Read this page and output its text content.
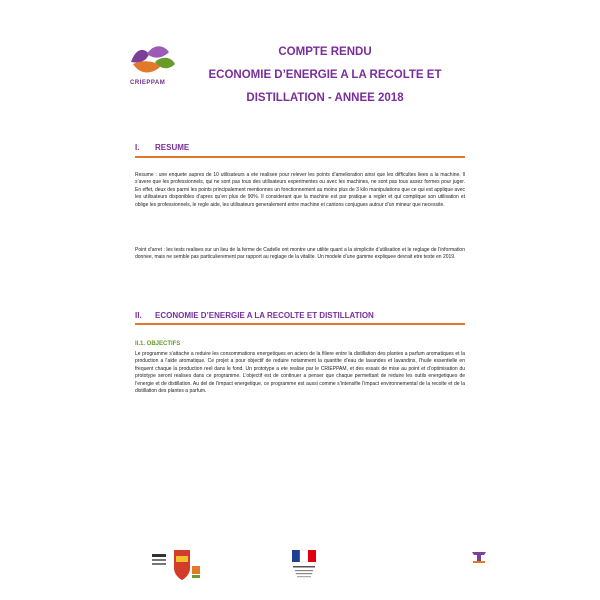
CRIEPPAM
COMPTE RENDU
ECONOMIE D’ENERGIE A LA RECOLTE ET
DISTILLATION - ANNEE 2018
I. RESUME
Resume : une enquete aupres de 10 utilisateurs a ete realisee pour relever les points d’amelioration ainsi que les difficultes liees a la machine. Il s’avere que les professionnels, qui ne sont pas tous des utilisateurs experimentes ou avec les machines, ne sont pas tous assez formes pour juger. En effet, deux des parmi les points principalement mentionnes un fonctionnement au moins plus de 3 kilo manipulations que ce qui est applique avec les utilisateurs disponibles d’apres qu’en plus de 90%. Il considerant que la machine est par pratique a regler et qui complique son utilisation et oblige les professionnels, le regle aide, les utilisateurs generalement entre machine et cantons conjugues autour d’un mineur que necessite.
Point d’arret : les tests realises sur un lieu de la ferme de Cadelle ont montre une utilite quant a la simplicite d’utilisation et le reglage de l’information donnee, mais ne semble pas particulierement par rapport au reglage de la vitalite. Un modele d’une gamme expliquee devrait etre teste en 2019.
II. ECONOMIE D’ENERGIE A LA RECOLTE ET DISTILLATION
II.1. OBJECTIFS
Le programme s’attache a reduire les consommations energetiques en aciers de la filiere entre la distillation des plantes a parfum aromatiques et la production a l’aide aromatique. Ce projet a pour objectif de reduire notamment la quantite d’eau de lavandes et lavandins, l’huile essentielle en frequent chaque la production reel dans le fond. Un prototype a ete realise par le CRIEPPAM, et des essais de mise au point et d’optimisation du prototype seront realises dans ce programme. L’objectif est de continuer a penser que chaque permettant de reduire les outils energetiques de l’energie et de distillation. Au del de l’impact energetique, ce programme est aussi comme s’intensifie l’impact environnemental de la recolte et de la distillation des plantes a parfum.
